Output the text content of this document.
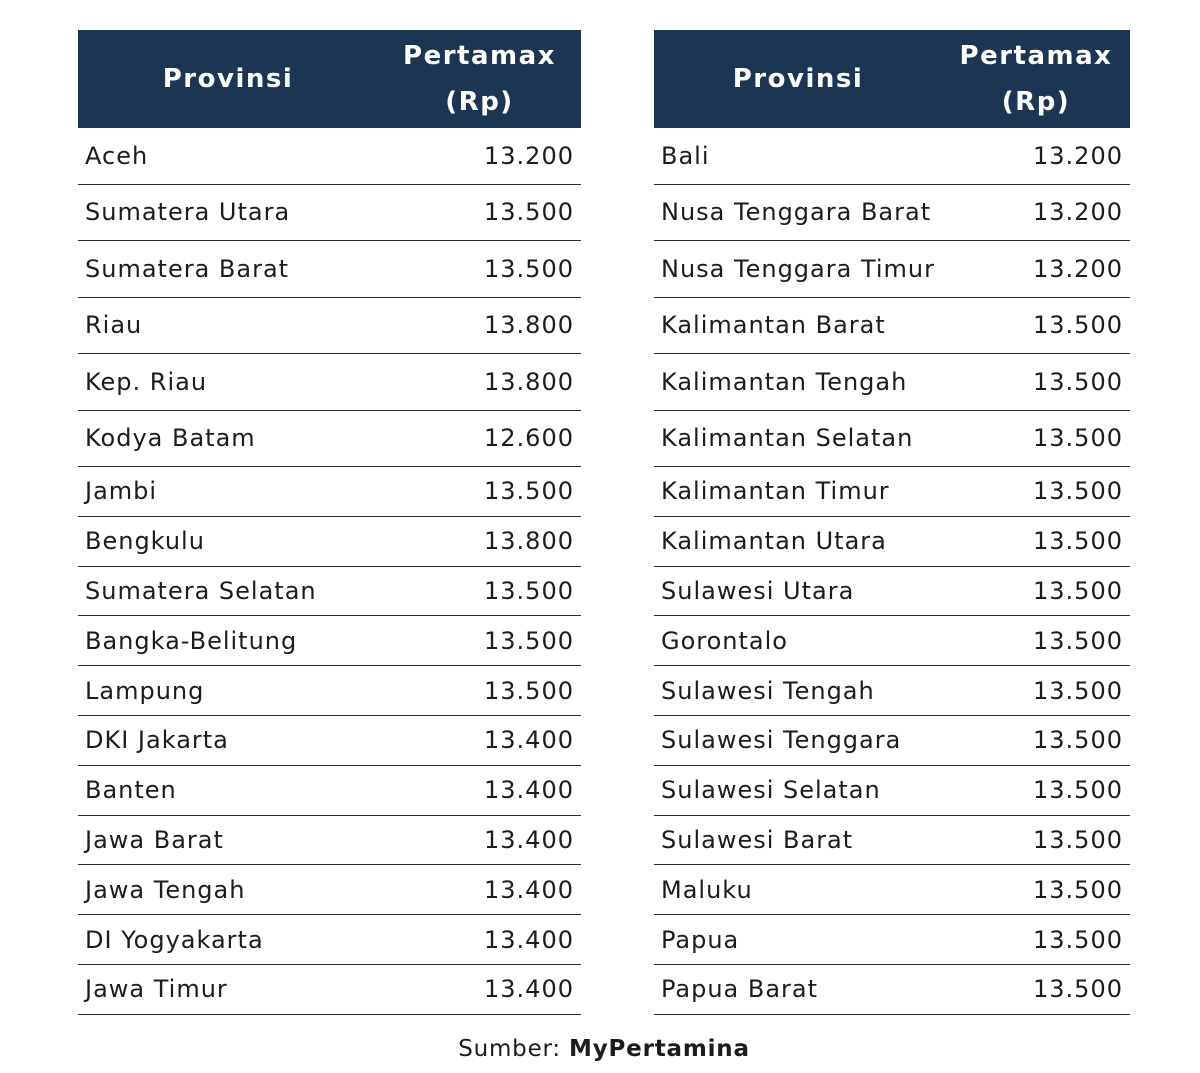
Provinsi	Pertamax
(Rp)
Aceh	13.200
Sumatera Utara	13.500
Sumatera Barat	13.500
Riau	13.800
Kep. Riau	13.800
Kodya Batam	12.600
Jambi	13.500
Bengkulu	13.800
Sumatera Selatan	13.500
Bangka-Belitung	13.500
Lampung	13.500
DKI Jakarta	13.400
Banten	13.400
Jawa Barat	13.400
Jawa Tengah	13.400
DI Yogyakarta	13.400
Jawa Timur	13.400
Provinsi	Pertamax
(Rp)
Bali	13.200
Nusa Tenggara Barat	13.200
Nusa Tenggara Timur	13.200
Kalimantan Barat	13.500
Kalimantan Tengah	13.500
Kalimantan Selatan	13.500
Kalimantan Timur	13.500
Kalimantan Utara	13.500
Sulawesi Utara	13.500
Gorontalo	13.500
Sulawesi Tengah	13.500
Sulawesi Tenggara	13.500
Sulawesi Selatan	13.500
Sulawesi Barat	13.500
Maluku	13.500
Papua	13.500
Papua Barat	13.500
Sumber: MyPertamina
